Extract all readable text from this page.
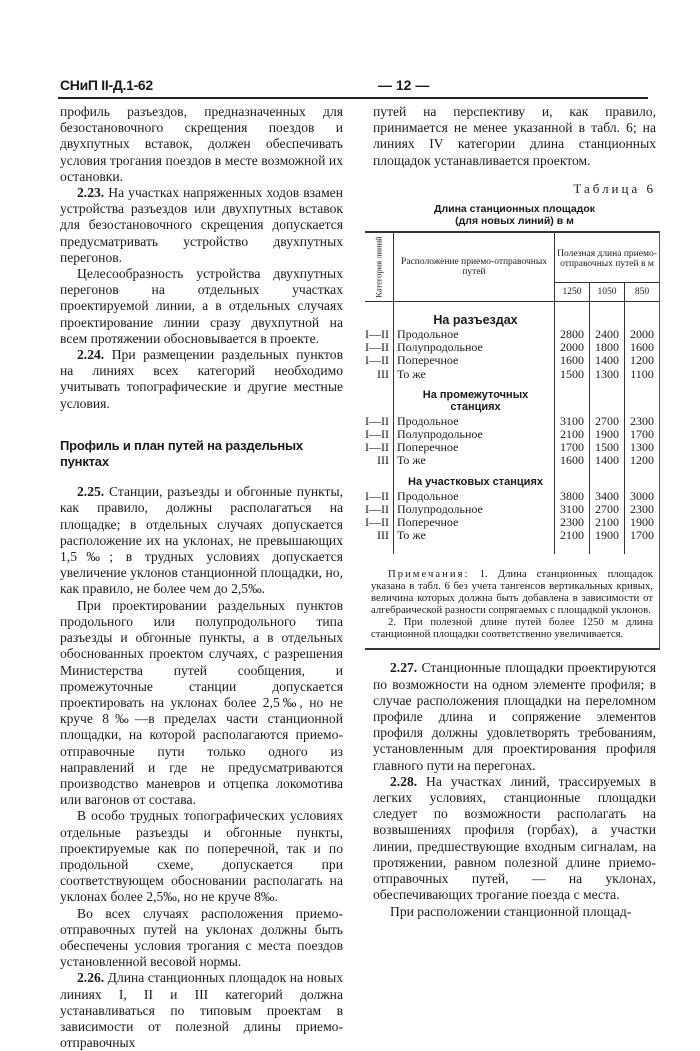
СНиП II-Д.1-62	— 12 —

профиль разъездов, предназначенных для безостановочного скрещения поездов и двухпутных вставок, должен обеспечивать условия трогания поездов в месте возможной их остановки.

2.23. На участках напряженных ходов взамен устройства разъездов или двухпутных вставок для безостановочного скрещения допускается предусматривать устройство двухпутных перегонов.

Целесообразность устройства двухпутных перегонов на отдельных участках проектируемой линии, а в отдельных случаях проектирование линии сразу двухпутной на всем протяжении обосновывается в проекте.

2.24. При размещении раздельных пунктов на линиях всех категорий необходимо учитывать топографические и другие местные условия.

Профиль и план путей на раздельных пунктах

2.25. Станции, разъезды и обгонные пункты, как правило, должны располагаться на площадке; в отдельных случаях допускается расположение их на уклонах, не превышающих 1,5‰; в трудных условиях допускается увеличение уклонов станционной площадки, но, как правило, не более чем до 2,5‰.

При проектировании раздельных пунктов продольного или полупродольного типа разъезды и обгонные пункты, а в отдельных обоснованных проектом случаях, с разрешения Министерства путей сообщения, и промежуточные станции допускается проектировать на уклонах более 2,5‰, но не круче 8‰—в пределах части станционной площадки, на которой располагаются приемо-отправочные пути только одного из направлений и где не предусматриваются производство маневров и отцепка локомотива или вагонов от состава.

В особо трудных топографических условиях отдельные разъезды и обгонные пункты, проектируемые как по поперечной, так и по продольной схеме, допускается при соответствующем обосновании располагать на уклонах более 2,5‰, но не круче 8‰.

Во всех случаях расположения приемо-отправочных путей на уклонах должны быть обеспечены условия трогания с места поездов установленной весовой нормы.

2.26. Длина станционных площадок на новых линиях I, II и III категорий должна устанавливаться по типовым проектам в зависимости от полезной длины приемо-отправочных

путей на перспективу и, как правило, принимается не менее указанной в табл. 6; на линиях IV категории длина станционных площадок устанавливается проектом.

Таблица 6

Длина станционных площадок
(для новых линий) в м

Категория линий	Расположение приемо-отправочных путей	Полезная длина приемо-отправочных путей в м		
		1250	1050	850
	На разъездах			
I—II	Продольное	2800	2400	2000
I—II	Полупродольное	2000	1800	1600
I—II	Поперечное	1600	1400	1200
III	То же	1500	1300	1100
	На промежуточных станциях			
I—II	Продольное	3100	2700	2300
I—II	Полупродольное	2100	1900	1700
I—II	Поперечное	1700	1500	1300
III	То же	1600	1400	1200
	На участковых станциях			
I—II	Продольное	3800	3400	3000
I—II	Полупродольное	3100	2700	2300
I—II	Поперечное	2300	2100	1900
III	То же	2100	1900	1700

Примечания: 1. Длина станционных площадок указана в табл. 6 без учета тангенсов вертикальных кривых, величина которых должна быть добавлена в зависимости от алгебраической разности сопрягаемых с площадкой уклонов.

2. При полезной длине путей более 1250 м длина станционной площадки соответственно увеличивается.

2.27. Станционные площадки проектируются по возможности на одном элементе профиля; в случае расположения площадки на переломном профиле длина и сопряжение элементов профиля должны удовлетворять требованиям, установленным для проектирования профиля главного пути на перегонах.

2.28. На участках линий, трассируемых в легких условиях, станционные площадки следует по возможности располагать на возвышениях профиля (горбах), а участки линии, предшествующие входным сигналам, на протяжении, равном полезной длине приемо-отправочных путей, — на уклонах, обеспечивающих трогание поезда с места.

При расположении станционной площад-
